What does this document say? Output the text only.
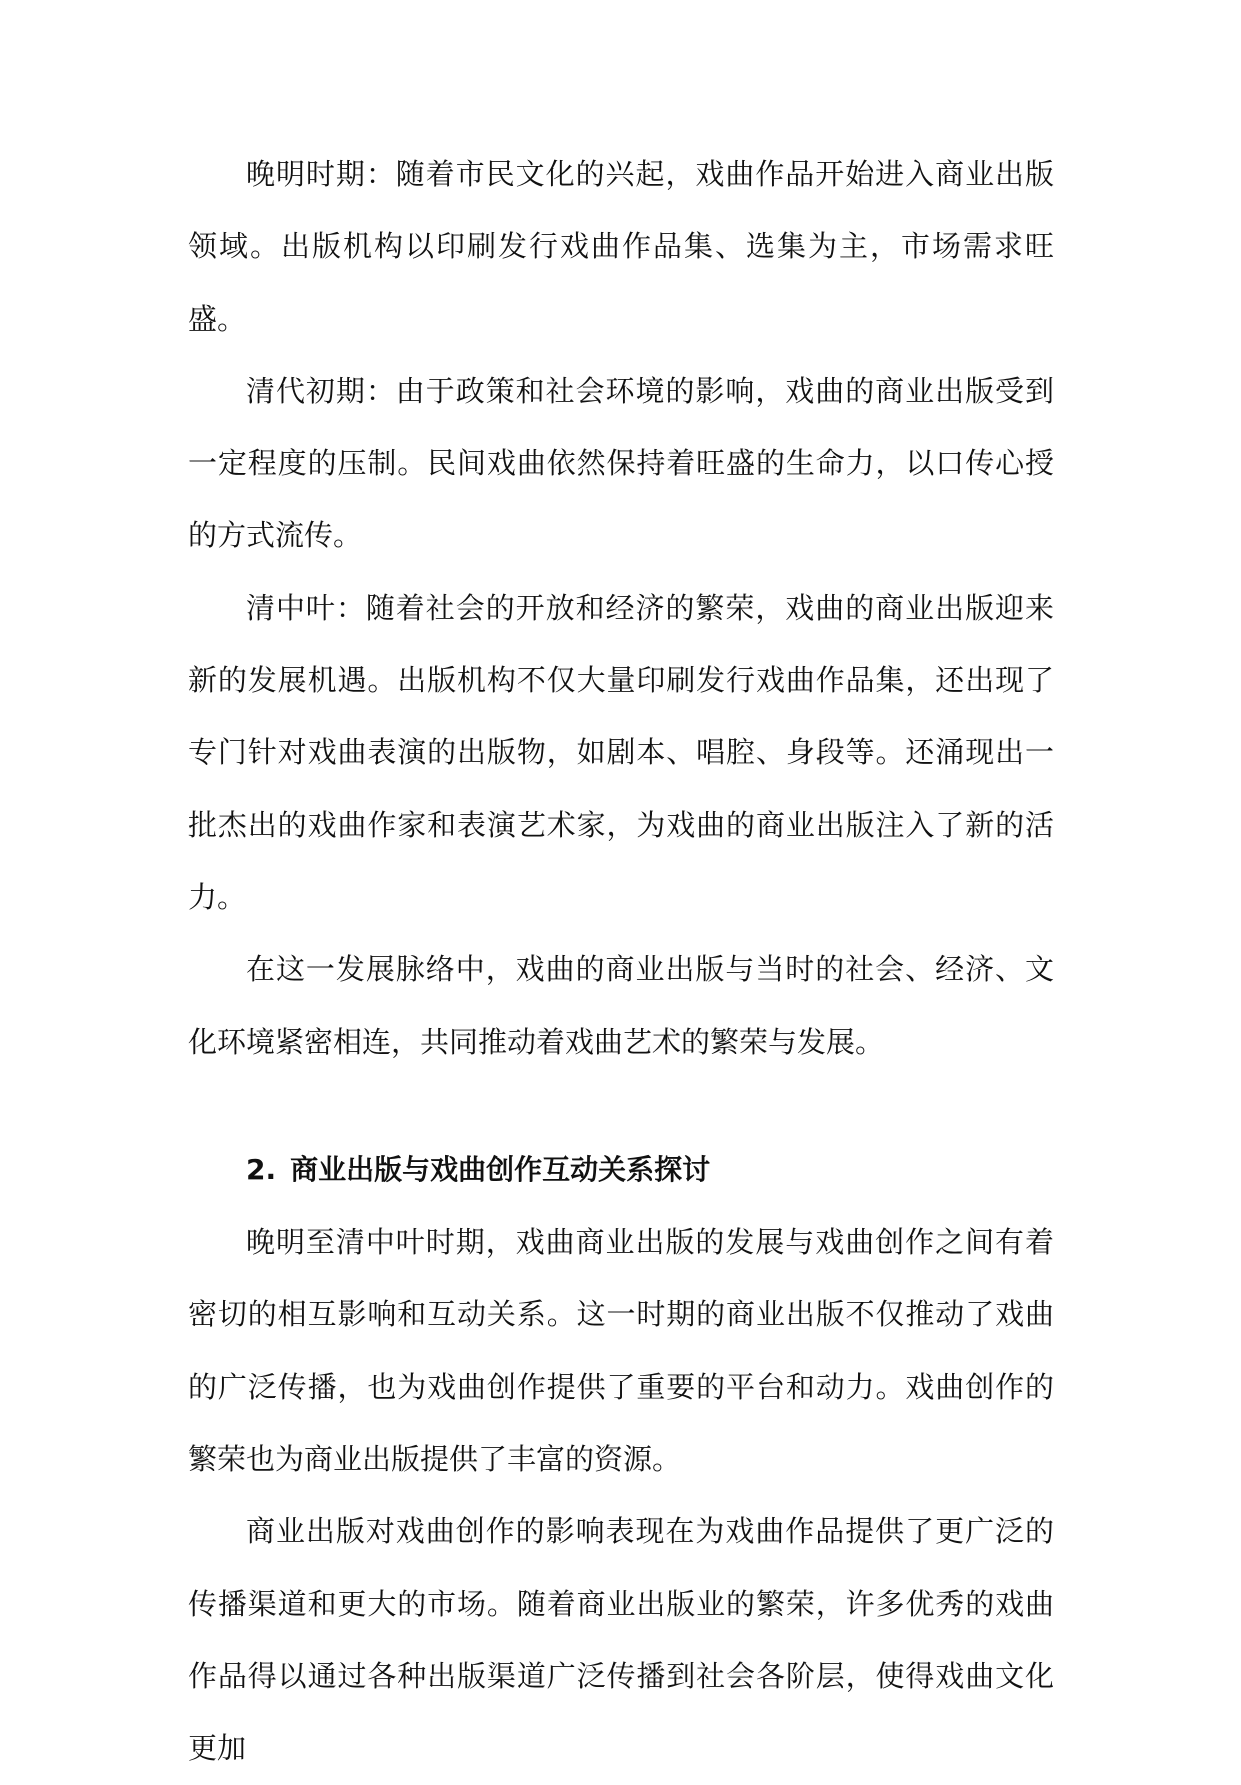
晚明时期：随着市民文化的兴起，戏曲作品开始进入商业出版领域。出版机构以印刷发行戏曲作品集、选集为主，市场需求旺盛。

清代初期：由于政策和社会环境的影响，戏曲的商业出版受到一定程度的压制。民间戏曲依然保持着旺盛的生命力，以口传心授的方式流传。

清中叶：随着社会的开放和经济的繁荣，戏曲的商业出版迎来新的发展机遇。出版机构不仅大量印刷发行戏曲作品集，还出现了专门针对戏曲表演的出版物，如剧本、唱腔、身段等。还涌现出一批杰出的戏曲作家和表演艺术家，为戏曲的商业出版注入了新的活力。

在这一发展脉络中，戏曲的商业出版与当时的社会、经济、文化环境紧密相连，共同推动着戏曲艺术的繁荣与发展。

2. 商业出版与戏曲创作互动关系探讨

晚明至清中叶时期，戏曲商业出版的发展与戏曲创作之间有着密切的相互影响和互动关系。这一时期的商业出版不仅推动了戏曲的广泛传播，也为戏曲创作提供了重要的平台和动力。戏曲创作的繁荣也为商业出版提供了丰富的资源。

商业出版对戏曲创作的影响表现在为戏曲作品提供了更广泛的传播渠道和更大的市场。随着商业出版业的繁荣，许多优秀的戏曲作品得以通过各种出版渠道广泛传播到社会各阶层，使得戏曲文化更加
